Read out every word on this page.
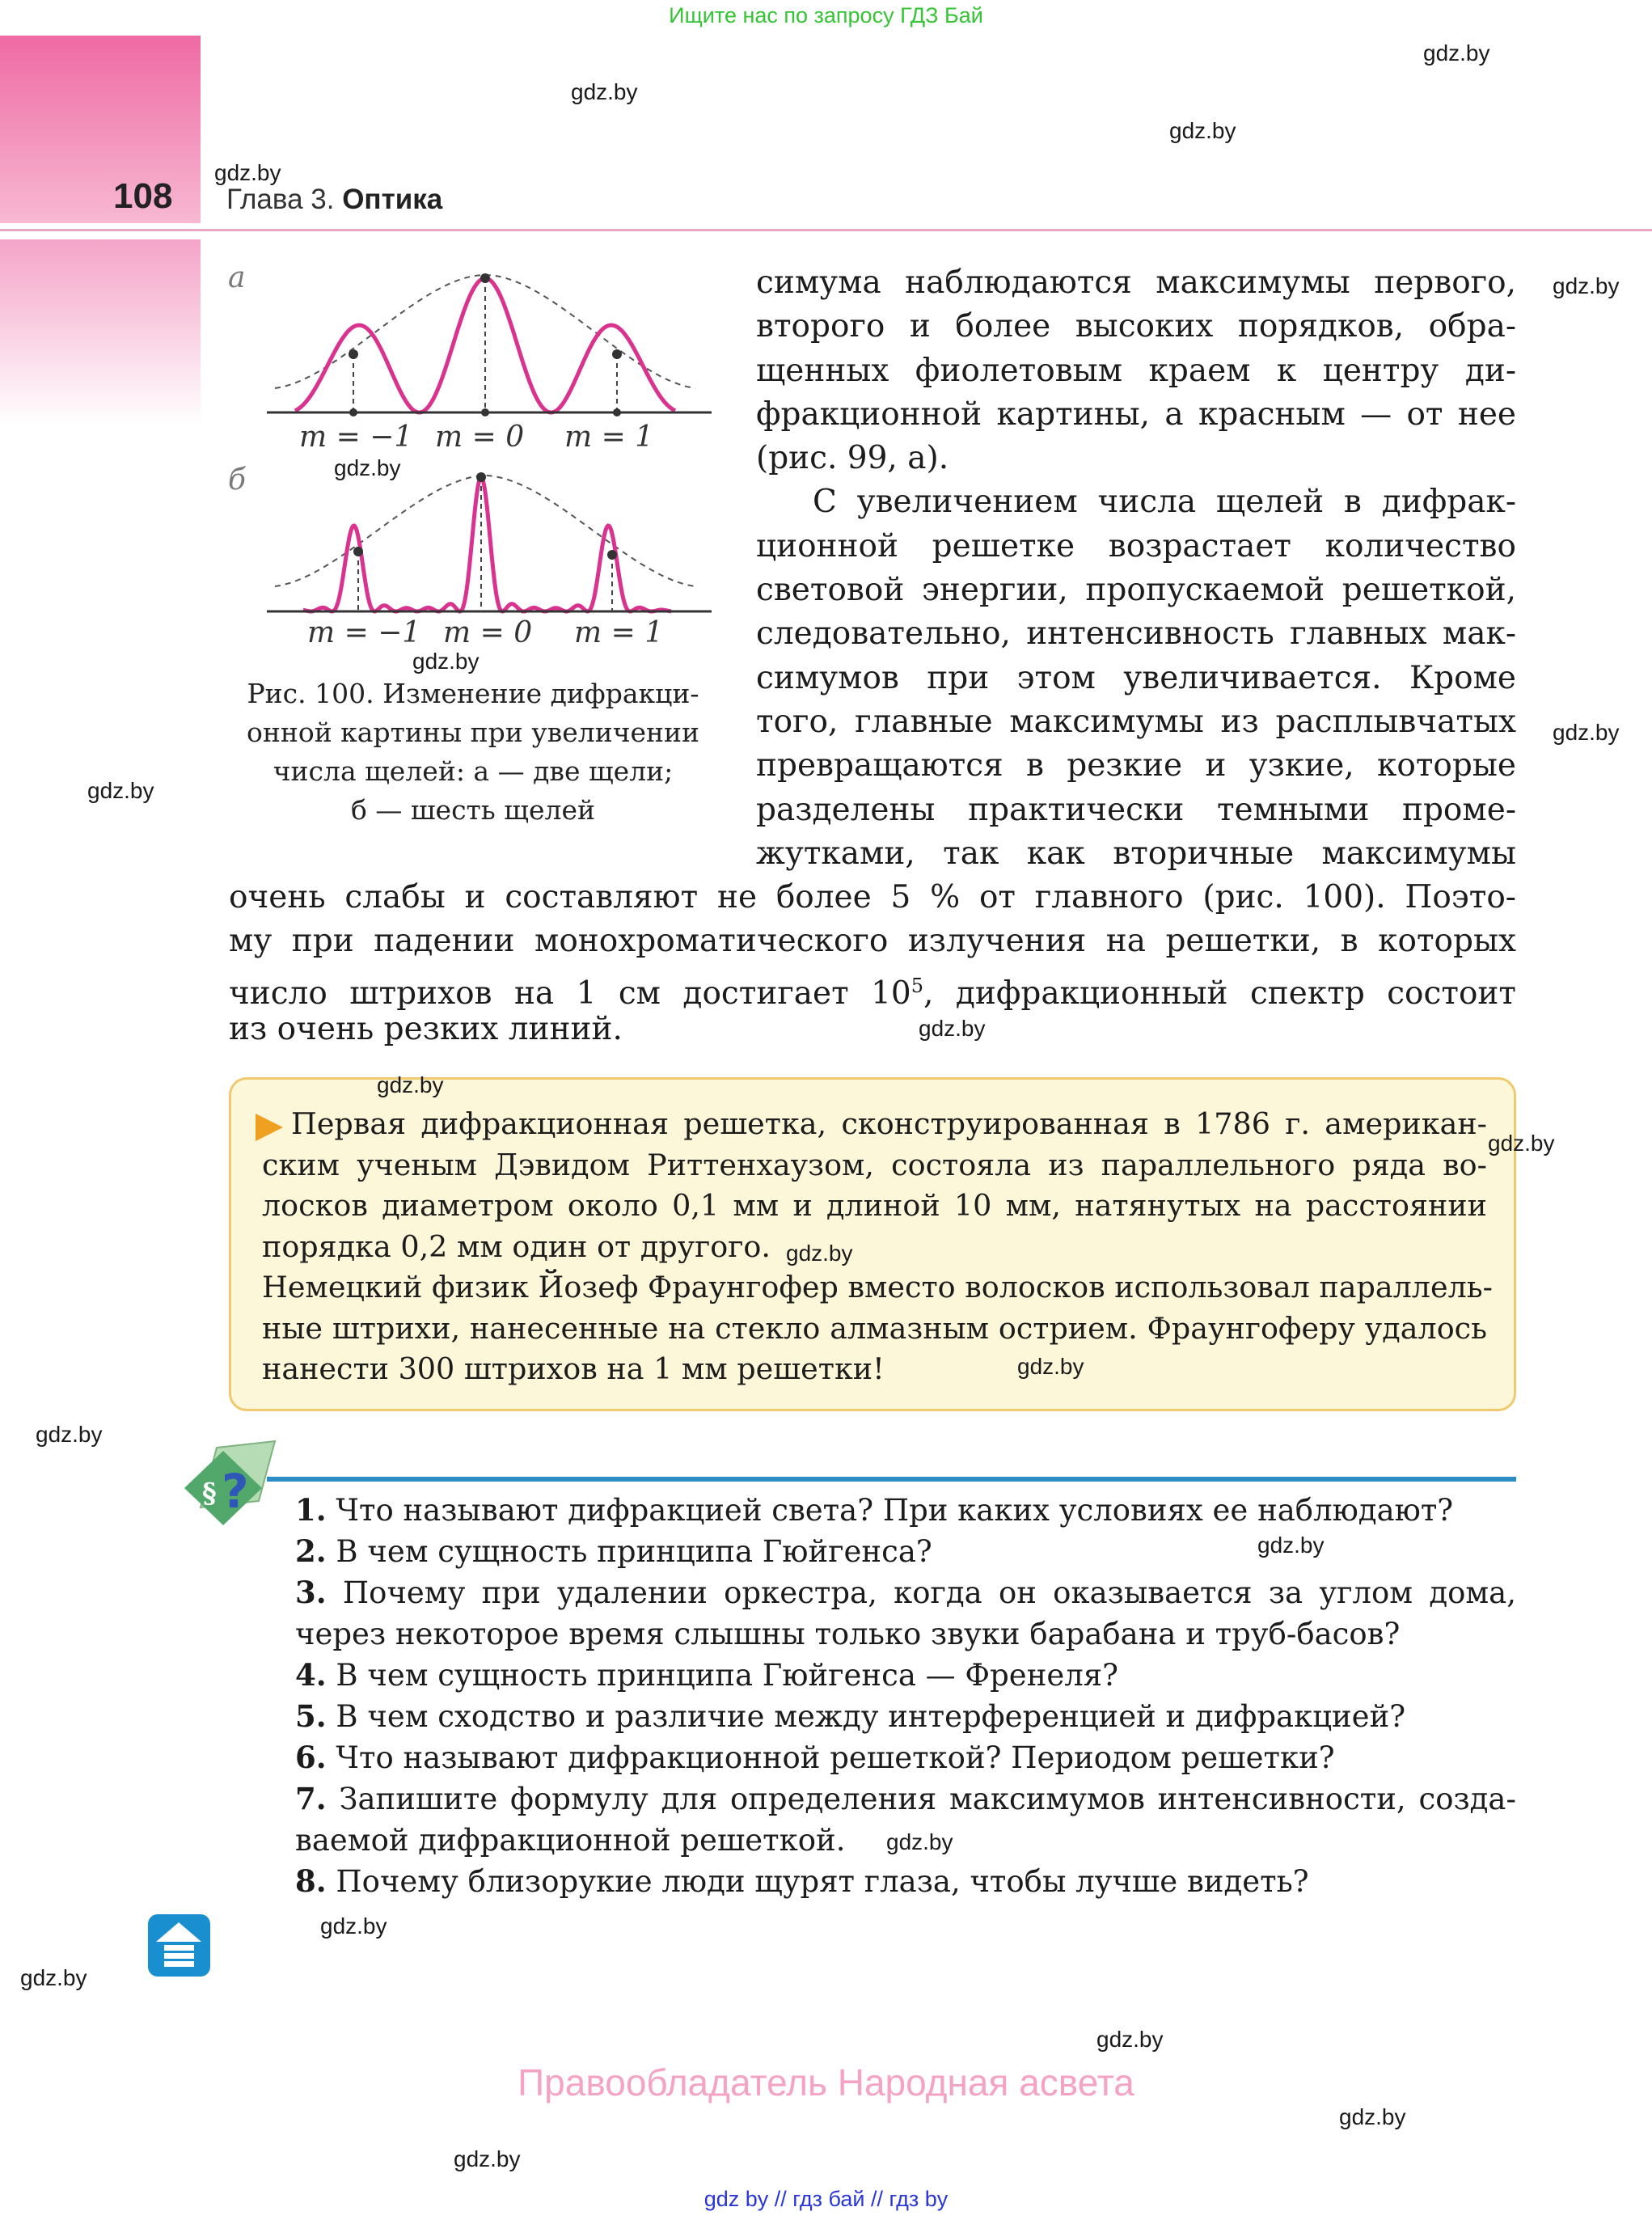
Ищите нас по запросу ГДЗ Бай
108 Глава 3. Оптика
а
m = −1 m = 0 m = 1
б
m = −1 m = 0 m = 1
Рис. 100. Изменение дифракци-
онной картины при увеличении
числа щелей: а — две щели;
б — шесть щелей
симума наблюдаются максимумы первого,
второго и более высоких порядков, обра-
щенных фиолетовым краем к центру ди-
фракционной картины, а красным — от нее
(рис. 99, а).
С увеличением числа щелей в дифрак-
ционной решетке возрастает количество
световой энергии, пропускаемой решеткой,
следовательно, интенсивность главных мак-
симумов при этом увеличивается. Кроме
того, главные максимумы из расплывчатых
превращаются в резкие и узкие, которые
разделены практически темными проме-
жутками, так как вторичные максимумы
очень слабы и составляют не более 5 % от главного (рис. 100). Поэто-
му при падении монохроматического излучения на решетки, в которых
число штрихов на 1 см достигает $10^5$, дифракционный спектр состоит
из очень резких линий.
Первая дифракционная решетка, сконструированная в 1786 г. американ-
ским ученым Дэвидом Риттенхаузом, состояла из параллельного ряда во-
лосков диаметром около 0,1 мм и длиной 10 мм, натянутых на расстоянии
порядка 0,2 мм один от другого.
Немецкий физик Йозеф Фраунгофер вместо волосков использовал параллель-
ные штрихи, нанесенные на стекло алмазным острием. Фраунгоферу удалось
нанести 300 штрихов на 1 мм решетки!
§ ? 1. Что называют дифракцией света? При каких условиях ее наблюдают?
2. В чем сущность принципа Гюйгенса?
3. Почему при удалении оркестра, когда он оказывается за углом дома,
через некоторое время слышны только звуки барабана и труб-басов?
4. В чем сущность принципа Гюйгенса — Френеля?
5. В чем сходство и различие между интерференцией и дифракцией?
6. Что называют дифракционной решеткой? Периодом решетки?
7. Запишите формулу для определения максимумов интенсивности, созда-
ваемой дифракционной решеткой.
8. Почему близорукие люди щурят глаза, чтобы лучше видеть?
Правообладатель Народная асвета
gdz by // гдз бай // гдз by
gdz.by
gdz.by
gdz.by
gdz.by
gdz.by
gdz.by
gdz.by
gdz.by
gdz.by
gdz.by
gdz.by
gdz.by
gdz.by
gdz.by
gdz.by
gdz.by
gdz.by
gdz.by
gdz.by
gdz.by
gdz.by
gdz.by
